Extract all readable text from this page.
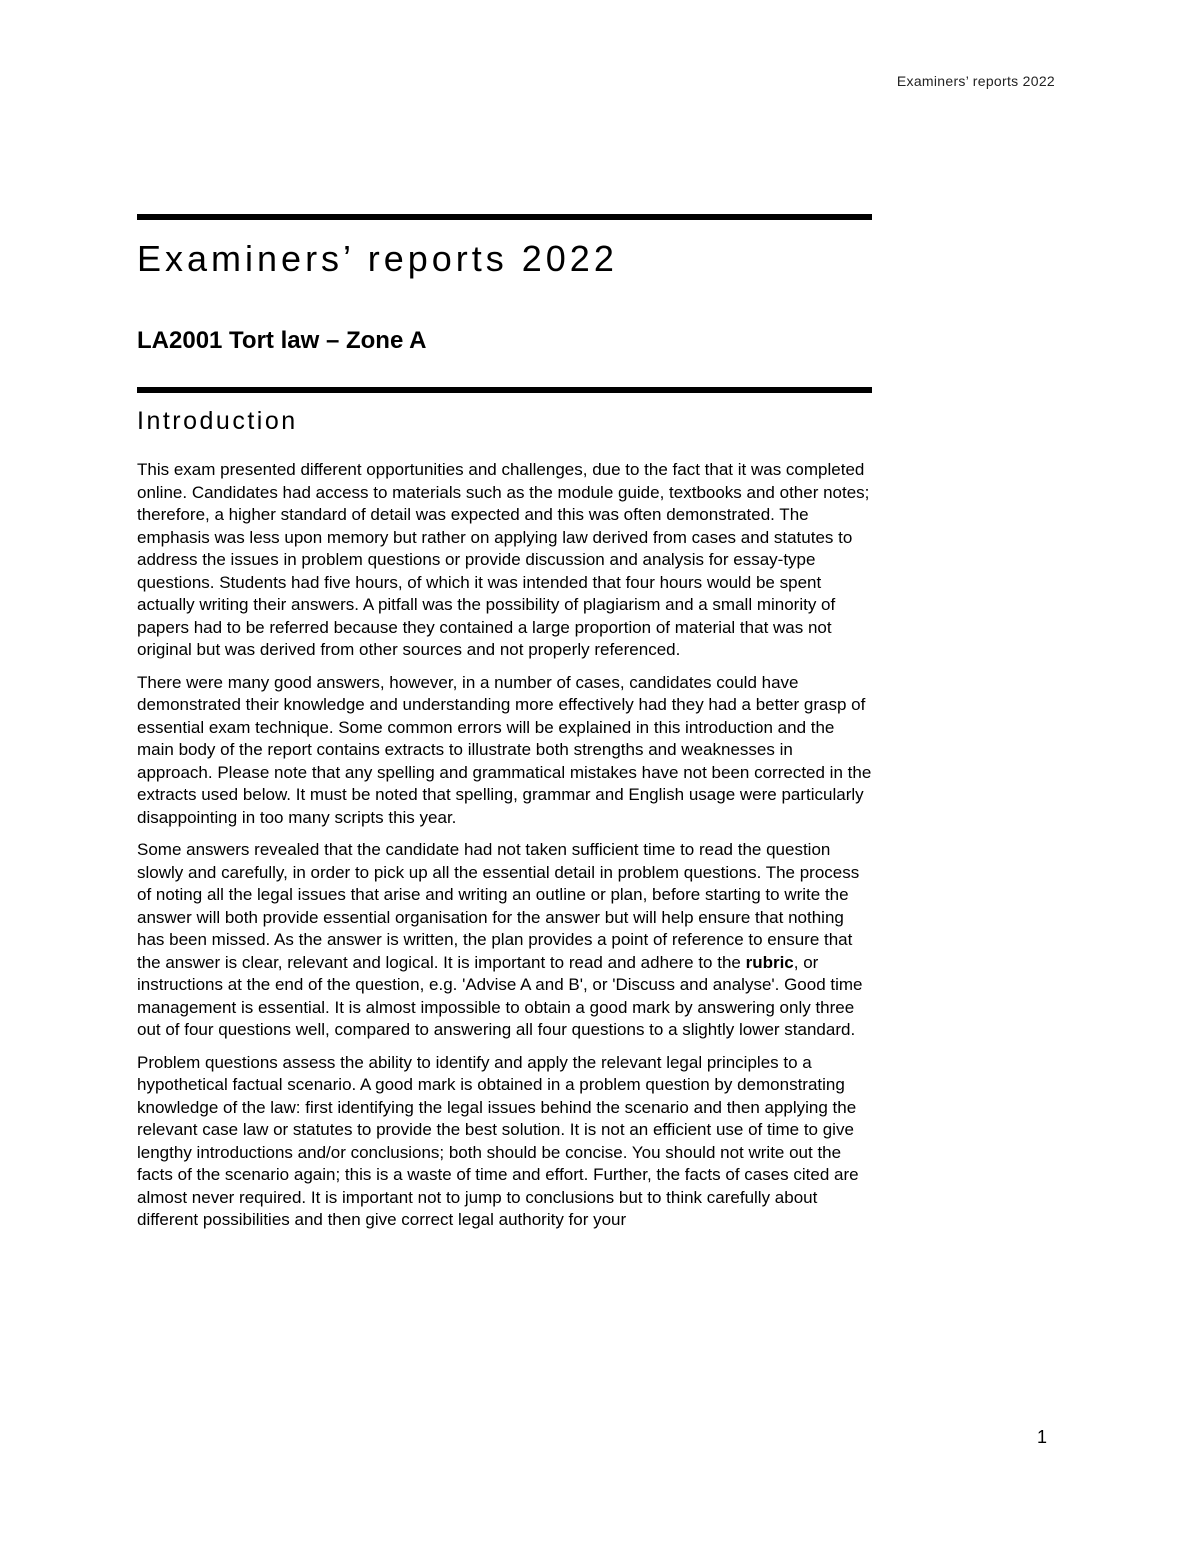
Examiners’ reports 2022
Examiners’ reports 2022
LA2001 Tort law – Zone A
Introduction

This exam presented different opportunities and challenges, due to the fact that it was completed online. Candidates had access to materials such as the module guide, textbooks and other notes; therefore, a higher standard of detail was expected and this was often demonstrated. The emphasis was less upon memory but rather on applying law derived from cases and statutes to address the issues in problem questions or provide discussion and analysis for essay-type questions. Students had five hours, of which it was intended that four hours would be spent actually writing their answers. A pitfall was the possibility of plagiarism and a small minority of papers had to be referred because they contained a large proportion of material that was not original but was derived from other sources and not properly referenced.

There were many good answers, however, in a number of cases, candidates could have demonstrated their knowledge and understanding more effectively had they had a better grasp of essential exam technique. Some common errors will be explained in this introduction and the main body of the report contains extracts to illustrate both strengths and weaknesses in approach. Please note that any spelling and grammatical mistakes have not been corrected in the extracts used below. It must be noted that spelling, grammar and English usage were particularly disappointing in too many scripts this year.

Some answers revealed that the candidate had not taken sufficient time to read the question slowly and carefully, in order to pick up all the essential detail in problem questions. The process of noting all the legal issues that arise and writing an outline or plan, before starting to write the answer will both provide essential organisation for the answer but will help ensure that nothing has been missed. As the answer is written, the plan provides a point of reference to ensure that the answer is clear, relevant and logical. It is important to read and adhere to the rubric, or instructions at the end of the question, e.g. 'Advise A and B', or 'Discuss and analyse'. Good time management is essential. It is almost impossible to obtain a good mark by answering only three out of four questions well, compared to answering all four questions to a slightly lower standard.

Problem questions assess the ability to identify and apply the relevant legal principles to a hypothetical factual scenario. A good mark is obtained in a problem question by demonstrating knowledge of the law: first identifying the legal issues behind the scenario and then applying the relevant case law or statutes to provide the best solution. It is not an efficient use of time to give lengthy introductions and/or conclusions; both should be concise. You should not write out the facts of the scenario again; this is a waste of time and effort. Further, the facts of cases cited are almost never required. It is important not to jump to conclusions but to think carefully about different possibilities and then give correct legal authority for your

1
